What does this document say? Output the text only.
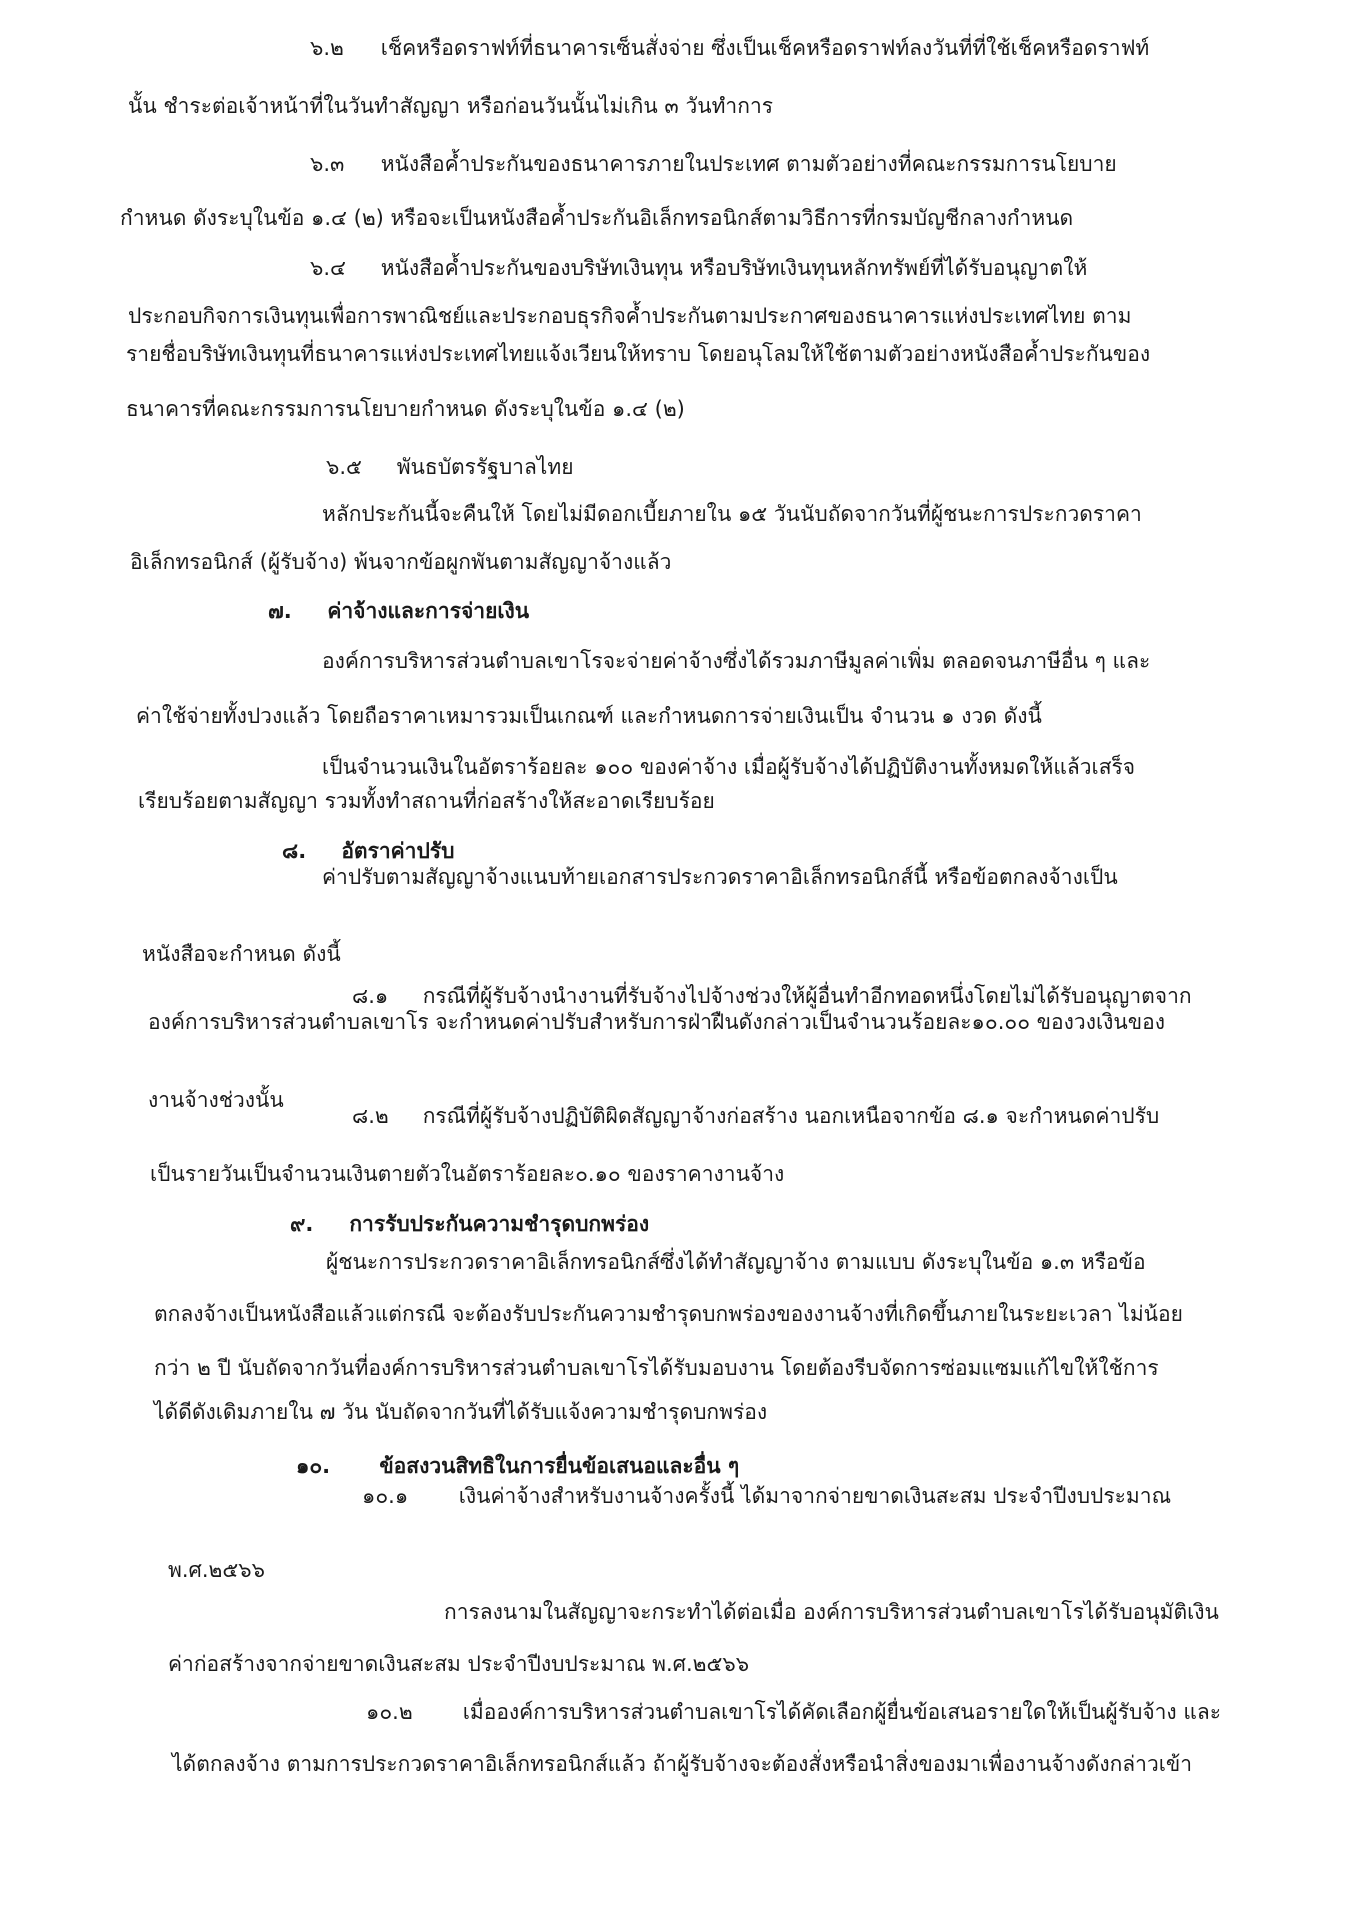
๖.๒ เช็คหรือดราฟท์ที่ธนาคารเซ็นสั่งจ่าย ซึ่งเป็นเช็คหรือดราฟท์ลงวันที่ที่ใช้เช็คหรือดราฟท์

นั้น ชำระต่อเจ้าหน้าที่ในวันทำสัญญา หรือก่อนวันนั้นไม่เกิน ๓ วันทำการ

๖.๓ หนังสือค้ำประกันของธนาคารภายในประเทศ ตามตัวอย่างที่คณะกรรมการนโยบาย

กำหนด ดังระบุในข้อ ๑.๔ (๒) หรือจะเป็นหนังสือค้ำประกันอิเล็กทรอนิกส์ตามวิธีการที่กรมบัญชีกลางกำหนด

๖.๔ หนังสือค้ำประกันของบริษัทเงินทุน หรือบริษัทเงินทุนหลักทรัพย์ที่ได้รับอนุญาตให้

ประกอบกิจการเงินทุนเพื่อการพาณิชย์และประกอบธุรกิจค้ำประกันตามประกาศของธนาคารแห่งประเทศไทย ตาม

รายชื่อบริษัทเงินทุนที่ธนาคารแห่งประเทศไทยแจ้งเวียนให้ทราบ โดยอนุโลมให้ใช้ตามตัวอย่างหนังสือค้ำประกันของ

ธนาคารที่คณะกรรมการนโยบายกำหนด ดังระบุในข้อ ๑.๔ (๒)

๖.๕ พันธบัตรรัฐบาลไทย

หลักประกันนี้จะคืนให้ โดยไม่มีดอกเบี้ยภายใน ๑๕ วันนับถัดจากวันที่ผู้ชนะการประกวดราคา

อิเล็กทรอนิกส์ (ผู้รับจ้าง) พ้นจากข้อผูกพันตามสัญญาจ้างแล้ว

๗. ค่าจ้างและการจ่ายเงิน

องค์การบริหารส่วนตำบลเขาโรจะจ่ายค่าจ้างซึ่งได้รวมภาษีมูลค่าเพิ่ม ตลอดจนภาษีอื่น ๆ และ

ค่าใช้จ่ายทั้งปวงแล้ว โดยถือราคาเหมารวมเป็นเกณฑ์ และกำหนดการจ่ายเงินเป็น จำนวน ๑ งวด ดังนี้

เป็นจำนวนเงินในอัตราร้อยละ ๑๐๐ ของค่าจ้าง เมื่อผู้รับจ้างได้ปฏิบัติงานทั้งหมดให้แล้วเสร็จ

เรียบร้อยตามสัญญา รวมทั้งทำสถานที่ก่อสร้างให้สะอาดเรียบร้อย

๘. อัตราค่าปรับ

ค่าปรับตามสัญญาจ้างแนบท้ายเอกสารประกวดราคาอิเล็กทรอนิกส์นี้ หรือข้อตกลงจ้างเป็น

หนังสือจะกำหนด ดังนี้

๘.๑ กรณีที่ผู้รับจ้างนำงานที่รับจ้างไปจ้างช่วงให้ผู้อื่นทำอีกทอดหนึ่งโดยไม่ได้รับอนุญาตจาก

องค์การบริหารส่วนตำบลเขาโร จะกำหนดค่าปรับสำหรับการฝ่าฝืนดังกล่าวเป็นจำนวนร้อยละ๑๐.๐๐ ของวงเงินของ

งานจ้างช่วงนั้น

๘.๒ กรณีที่ผู้รับจ้างปฏิบัติผิดสัญญาจ้างก่อสร้าง นอกเหนือจากข้อ ๘.๑ จะกำหนดค่าปรับ

เป็นรายวันเป็นจำนวนเงินตายตัวในอัตราร้อยละ๐.๑๐ ของราคางานจ้าง

๙. การรับประกันความชำรุดบกพร่อง

ผู้ชนะการประกวดราคาอิเล็กทรอนิกส์ซึ่งได้ทำสัญญาจ้าง ตามแบบ ดังระบุในข้อ ๑.๓ หรือข้อ

ตกลงจ้างเป็นหนังสือแล้วแต่กรณี จะต้องรับประกันความชำรุดบกพร่องของงานจ้างที่เกิดขึ้นภายในระยะเวลา ไม่น้อย

กว่า ๒ ปี นับถัดจากวันที่องค์การบริหารส่วนตำบลเขาโรได้รับมอบงาน โดยต้องรีบจัดการซ่อมแซมแก้ไขให้ใช้การ

ได้ดีดังเดิมภายใน ๗ วัน นับถัดจากวันที่ได้รับแจ้งความชำรุดบกพร่อง

๑๐. ข้อสงวนสิทธิในการยื่นข้อเสนอและอื่น ๆ

๑๐.๑ เงินค่าจ้างสำหรับงานจ้างครั้งนี้ ได้มาจากจ่ายขาดเงินสะสม ประจำปีงบประมาณ

พ.ศ.๒๕๖๖

การลงนามในสัญญาจะกระทำได้ต่อเมื่อ องค์การบริหารส่วนตำบลเขาโรได้รับอนุมัติเงิน

ค่าก่อสร้างจากจ่ายขาดเงินสะสม ประจำปีงบประมาณ พ.ศ.๒๕๖๖

๑๐.๒ เมื่อองค์การบริหารส่วนตำบลเขาโรได้คัดเลือกผู้ยื่นข้อเสนอรายใดให้เป็นผู้รับจ้าง และ

ได้ตกลงจ้าง ตามการประกวดราคาอิเล็กทรอนิกส์แล้ว ถ้าผู้รับจ้างจะต้องสั่งหรือนำสิ่งของมาเพื่องานจ้างดังกล่าวเข้า
